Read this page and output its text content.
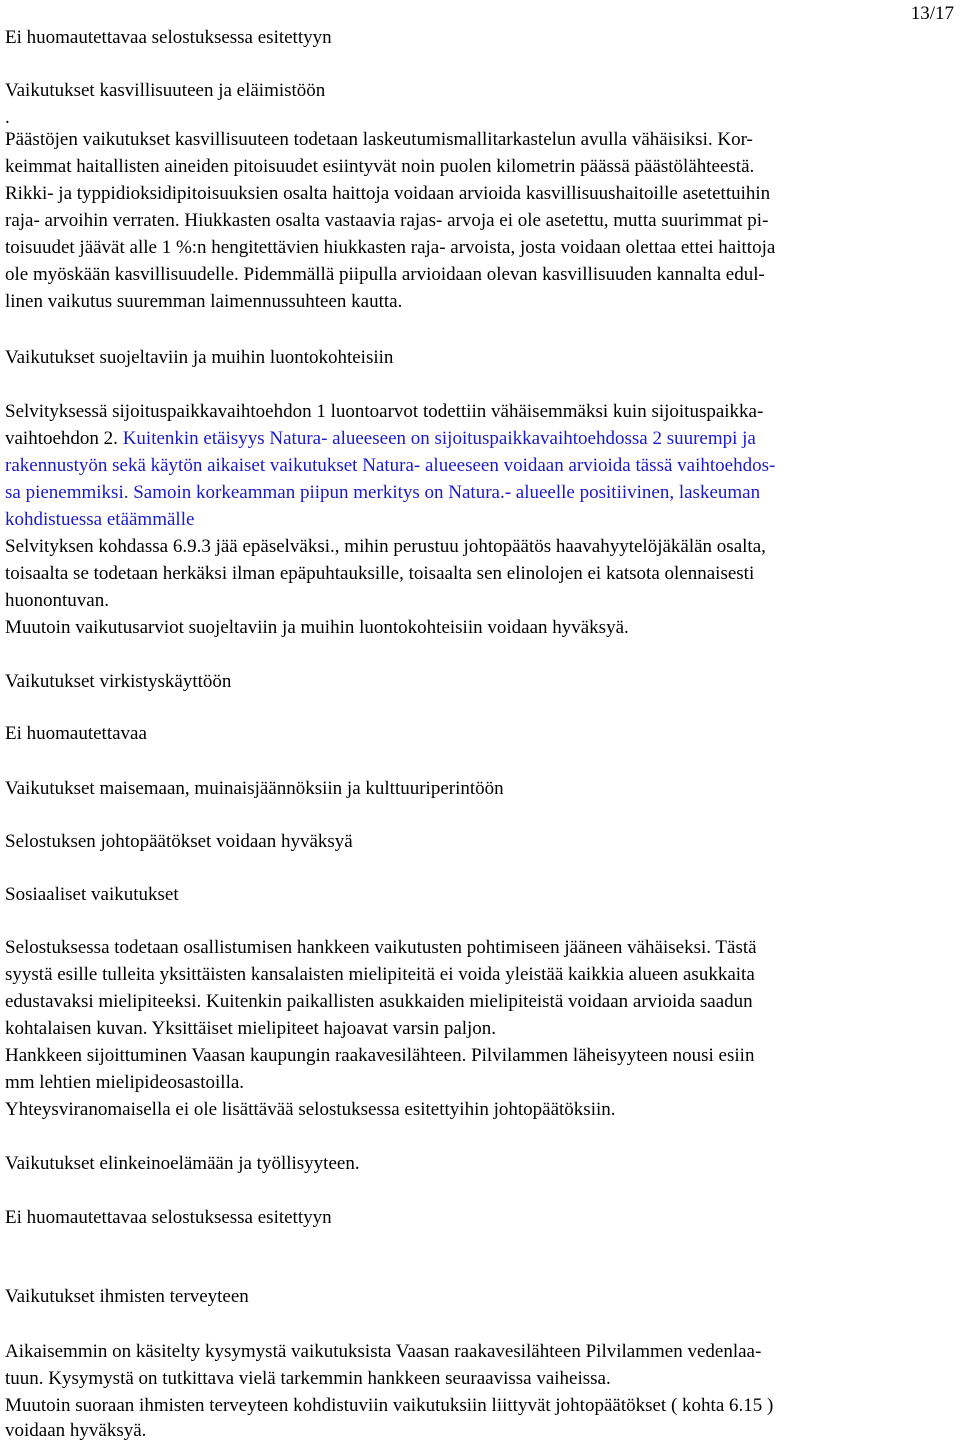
13/17

Ei huomautettavaa selostuksessa esitettyyn

Vaikutukset kasvillisuuteen ja eläimistöön

.

Päästöjen vaikutukset kasvillisuuteen todetaan laskeutumismallitarkastelun avulla vähäisiksi. Kor-

keimmat haitallisten aineiden pitoisuudet esiintyvät noin puolen kilometrin päässä päästölähteestä.

Rikki- ja typpidioksidipitoisuuksien osalta haittoja voidaan arvioida kasvillisuushaitoille asetettuihin

raja- arvoihin verraten. Hiukkasten osalta vastaavia rajas- arvoja ei ole asetettu, mutta suurimmat pi-

toisuudet jäävät alle 1 %:n hengitettävien hiukkasten raja- arvoista, josta voidaan olettaa ettei haittoja

ole myöskään kasvillisuudelle. Pidemmällä piipulla arvioidaan olevan kasvillisuuden kannalta edul-

linen vaikutus suuremman laimennussuhteen kautta.

Vaikutukset suojeltaviin ja muihin luontokohteisiin

Selvityksessä sijoituspaikkavaihtoehdon 1 luontoarvot todettiin vähäisemmäksi kuin sijoituspaikka-

vaihtoehdon 2. Kuitenkin etäisyys Natura- alueeseen on sijoituspaikkavaihtoehdossa 2 suurempi ja

rakennustyön sekä käytön aikaiset vaikutukset Natura- alueeseen voidaan arvioida tässä vaihtoehdos-

sa pienemmiksi. Samoin korkeamman piipun merkitys on Natura.- alueelle positiivinen, laskeuman

kohdistuessa etäämmälle

Selvityksen kohdassa 6.9.3 jää epäselväksi., mihin perustuu johtopäätös haavahyytelöjäkälän osalta,

toisaalta se todetaan herkäksi ilman epäpuhtauksille, toisaalta sen elinolojen ei katsota olennaisesti

huonontuvan.

Muutoin vaikutusarviot suojeltaviin ja muihin luontokohteisiin voidaan hyväksyä.

Vaikutukset virkistyskäyttöön

Ei huomautettavaa

Vaikutukset maisemaan, muinaisjäännöksiin ja kulttuuriperintöön

Selostuksen johtopäätökset voidaan hyväksyä

Sosiaaliset vaikutukset

Selostuksessa todetaan osallistumisen hankkeen vaikutusten pohtimiseen jääneen vähäiseksi. Tästä

syystä esille tulleita yksittäisten kansalaisten mielipiteitä ei voida yleistää kaikkia alueen asukkaita

edustavaksi mielipiteeksi. Kuitenkin paikallisten asukkaiden mielipiteistä voidaan arvioida saadun

kohtalaisen kuvan. Yksittäiset mielipiteet hajoavat varsin paljon.

Hankkeen sijoittuminen Vaasan kaupungin raakavesilähteen. Pilvilammen läheisyyteen nousi esiin

mm lehtien mielipideosastoilla.

Yhteysviranomaisella ei ole lisättävää selostuksessa esitettyihin johtopäätöksiin.

Vaikutukset elinkeinoelämään ja työllisyyteen.

Ei huomautettavaa selostuksessa esitettyyn

Vaikutukset ihmisten terveyteen

Aikaisemmin on käsitelty kysymystä vaikutuksista Vaasan raakavesilähteen Pilvilammen vedenlaa-

tuun. Kysymystä on tutkittava vielä tarkemmin hankkeen seuraavissa vaiheissa.

Muutoin suoraan ihmisten terveyteen kohdistuviin vaikutuksiin liittyvät johtopäätökset ( kohta 6.15 )

voidaan hyväksyä.
